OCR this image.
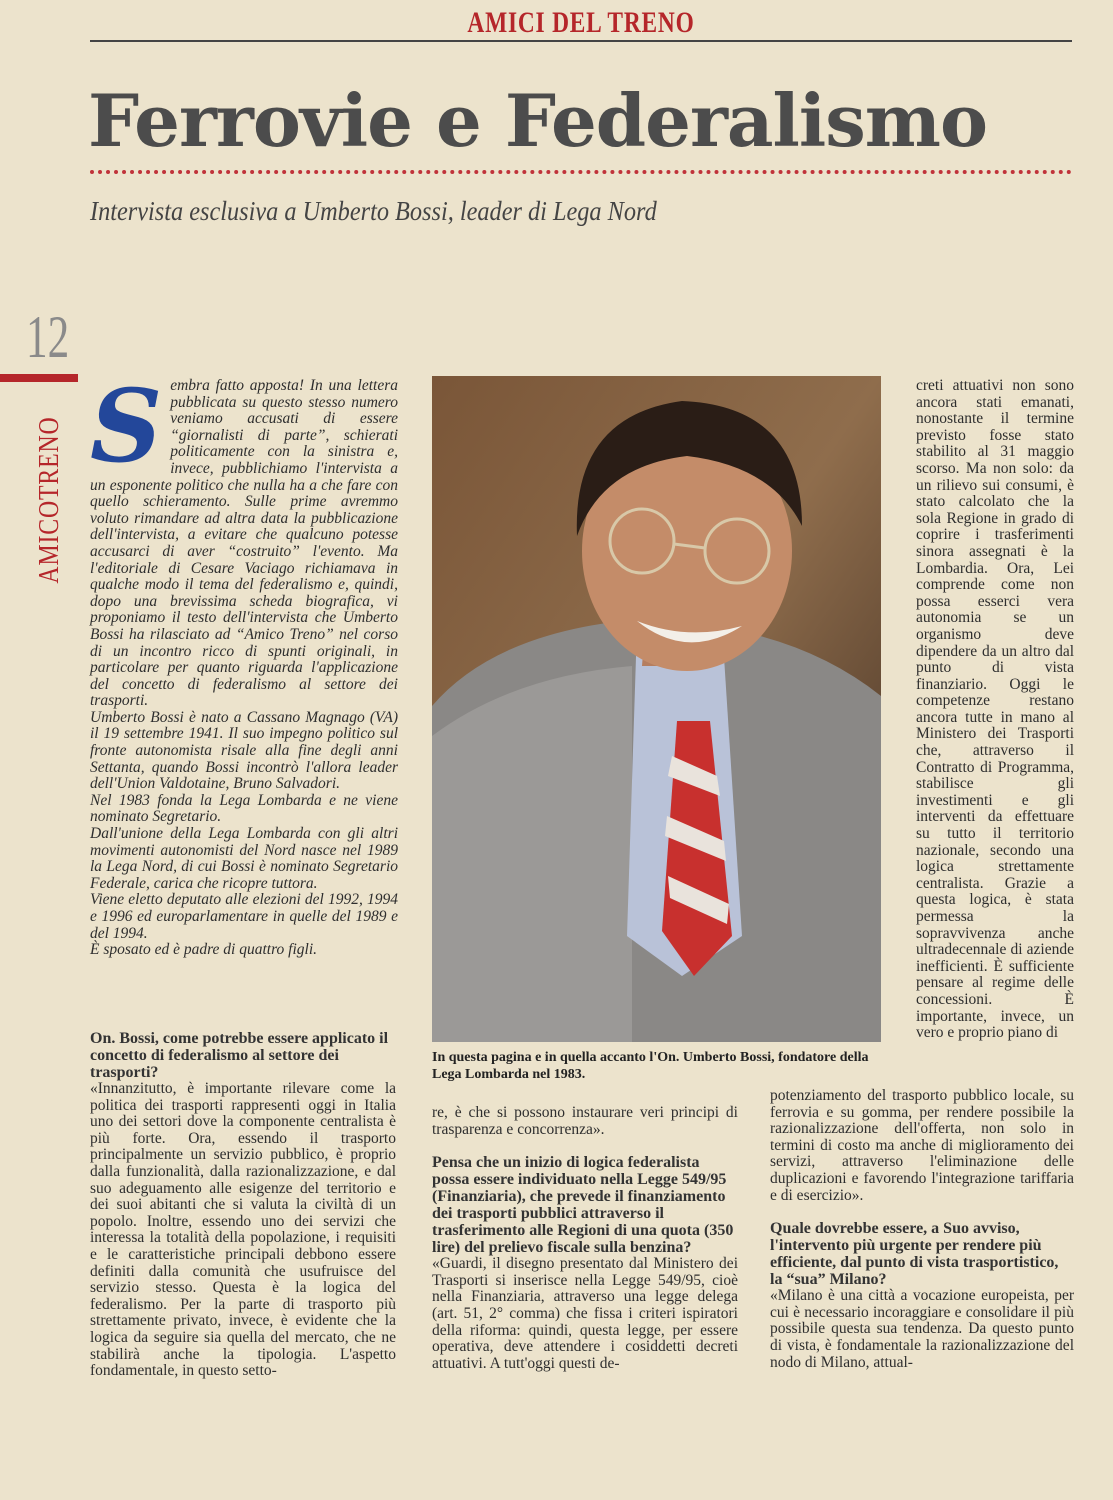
AMICI DEL TRENO
Ferrovie e Federalismo
Intervista esclusiva a Umberto Bossi, leader di Lega Nord
12
AMICOTRENO S embra fatto apposta! In una lettera pubblicata su questo stesso numero veniamo accusati di essere “giornalisti di parte”, schierati politicamente con la sinistra e, invece, pubblichiamo l'intervista a un esponente politico che nulla ha a che fare con quello schieramento. Sulle prime avremmo voluto rimandare ad altra data la pubblicazione dell'intervista, a evitare che qualcuno potesse accusarci di aver “costruito” l'evento. Ma l'editoriale di Cesare Vaciago richiamava in qualche modo il tema del federalismo e, quindi, dopo una brevissima scheda biografica, vi proponiamo il testo dell'intervista che Umberto Bossi ha rilasciato ad “Amico Treno” nel corso di un incontro ricco di spunti originali, in particolare per quanto riguarda l'applicazione del concetto di federalismo al settore dei trasporti.

Umberto Bossi è nato a Cassano Magnago (VA) il 19 settembre 1941. Il suo impegno politico sul fronte autonomista risale alla fine degli anni Settanta, quando Bossi incontrò l'allora leader dell'Union Valdotaine, Bruno Salvadori.

Nel 1983 fonda la Lega Lombarda e ne viene nominato Segretario.

Dall'unione della Lega Lombarda con gli altri movimenti autonomisti del Nord nasce nel 1989 la Lega Nord, di cui Bossi è nominato Segretario Federale, carica che ricopre tuttora.

Viene eletto deputato alle elezioni del 1992, 1994 e 1996 ed europarlamentare in quelle del 1989 e del 1994.

È sposato ed è padre di quattro figli.

On. Bossi, come potrebbe essere applicato il concetto di federalismo al settore dei trasporti?

«Innanzitutto, è importante rilevare come la politica dei trasporti rappresenti oggi in Italia uno dei settori dove la componente centralista è più forte. Ora, essendo il trasporto principalmente un servizio pubblico, è proprio dalla funzionalità, dalla razionalizzazione, e dal suo adeguamento alle esigenze del territorio e dei suoi abitanti che si valuta la civiltà di un popolo. Inoltre, essendo uno dei servizi che interessa la totalità della popolazione, i requisiti e le caratteristiche principali debbono essere definiti dalla comunità che usufruisce del servizio stesso. Questa è la logica del federalismo. Per la parte di trasporto più strettamente privato, invece, è evidente che la logica da seguire sia quella del mercato, che ne stabilirà anche la tipologia. L'aspetto fondamentale, in questo setto-

In questa pagina e in quella accanto l'On. Umberto Bossi, fondatore della Lega Lombarda nel 1983.

re, è che si possono instaurare veri principi di trasparenza e concorrenza».

Pensa che un inizio di logica federalista possa essere individuato nella Legge 549/95 (Finanziaria), che prevede il finanziamento dei trasporti pubblici attraverso il trasferimento alle Regioni di una quota (350 lire) del prelievo fiscale sulla benzina?

«Guardi, il disegno presentato dal Ministero dei Trasporti si inserisce nella Legge 549/95, cioè nella Finanziaria, attraverso una legge delega (art. 51, 2° comma) che fissa i criteri ispiratori della riforma: quindi, questa legge, per essere operativa, deve attendere i cosiddetti decreti attuativi. A tutt'oggi questi de-

creti attuativi non sono ancora stati emanati, nonostante il termine previsto fosse stato stabilito al 31 maggio scorso. Ma non solo: da un rilievo sui consumi, è stato calcolato che la sola Regione in grado di coprire i trasferimenti sinora assegnati è la Lombardia. Ora, Lei comprende come non possa esserci vera autonomia se un organismo deve dipendere da un altro dal punto di vista finanziario. Oggi le competenze restano ancora tutte in mano al Ministero dei Trasporti che, attraverso il Contratto di Programma, stabilisce gli investimenti e gli interventi da effettuare su tutto il territorio nazionale, secondo una logica strettamente centralista. Grazie a questa logica, è stata permessa la sopravvivenza anche ultradecennale di aziende inefficienti. È sufficiente pensare al regime delle concessioni. È importante, invece, un vero e proprio piano di

potenziamento del trasporto pubblico locale, su ferrovia e su gomma, per rendere possibile la razionalizzazione dell'offerta, non solo in termini di costo ma anche di miglioramento dei servizi, attraverso l'eliminazione delle duplicazioni e favorendo l'integrazione tariffaria e di esercizio».

Quale dovrebbe essere, a Suo avviso, l'intervento più urgente per rendere più efficiente, dal punto di vista trasportistico, la “sua” Milano?

«Milano è una città a vocazione europeista, per cui è necessario incoraggiare e consolidare il più possibile questa sua tendenza. Da questo punto di vista, è fondamentale la razionalizzazione del nodo di Milano, attual-
